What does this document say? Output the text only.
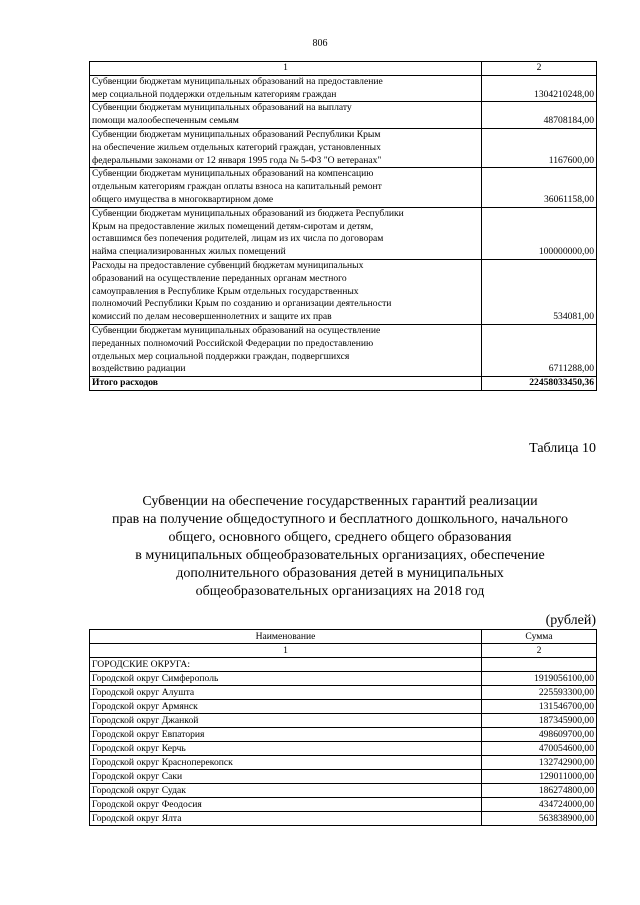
806
1	2

Субвенции бюджетам муниципальных образований на предоставление
мер социальной поддержки отдельным категориям граждан	1304210248,00

Субвенции бюджетам муниципальных образований на выплату
помощи малообеспеченным семьям	48708184,00

Субвенции бюджетам муниципальных образований Республики Крым
на обеспечение жильем отдельных категорий граждан, установленных
федеральными законами от 12 января 1995 года № 5-ФЗ "О ветеранах"	1167600,00

Субвенции бюджетам муниципальных образований на компенсацию
отдельным категориям граждан оплаты взноса на капитальный ремонт
общего имущества в многоквартирном доме	36061158,00

Субвенции бюджетам муниципальных образований из бюджета Республики
Крым на предоставление жилых помещений детям-сиротам и детям,
оставшимся без попечения родителей, лицам из их числа по договорам
найма специализированных жилых помещений	100000000,00

Расходы на предоставление субвенций бюджетам муниципальных
образований на осуществление переданных органам местного
самоуправления в Республике Крым отдельных государственных
полномочий Республики Крым по созданию и организации деятельности
комиссий по делам несовершеннолетних и защите их прав	534081,00

Субвенции бюджетам муниципальных образований на осуществление
переданных полномочий Российской Федерации по предоставлению
отдельных мер социальной поддержки граждан, подвергшихся
воздействию радиации	6711288,00
Итого расходов	22458033450,36
Таблица 10
Субвенции на обеспечение государственных гарантий реализации
прав на получение общедоступного и бесплатного дошкольного, начального
общего, основного общего, среднего общего образования
в муниципальных общеобразовательных организациях, обеспечение
дополнительного образования детей в муниципальных
общеобразовательных организациях на 2018 год
(рублей)
Наименование	Сумма
1	2
ГОРОДСКИЕ ОКРУГА:	
Городской округ Симферополь	1919056100,00
Городской округ Алушта	225593300,00
Городской округ Армянск	131546700,00
Городской округ Джанкой	187345900,00
Городской округ Евпатория	498609700,00
Городской округ Керчь	470054600,00
Городской округ Красноперекопск	132742900,00
Городской округ Саки	129011000,00
Городской округ Судак	186274800,00
Городской округ Феодосия	434724000,00
Городской округ Ялта	563838900,00
